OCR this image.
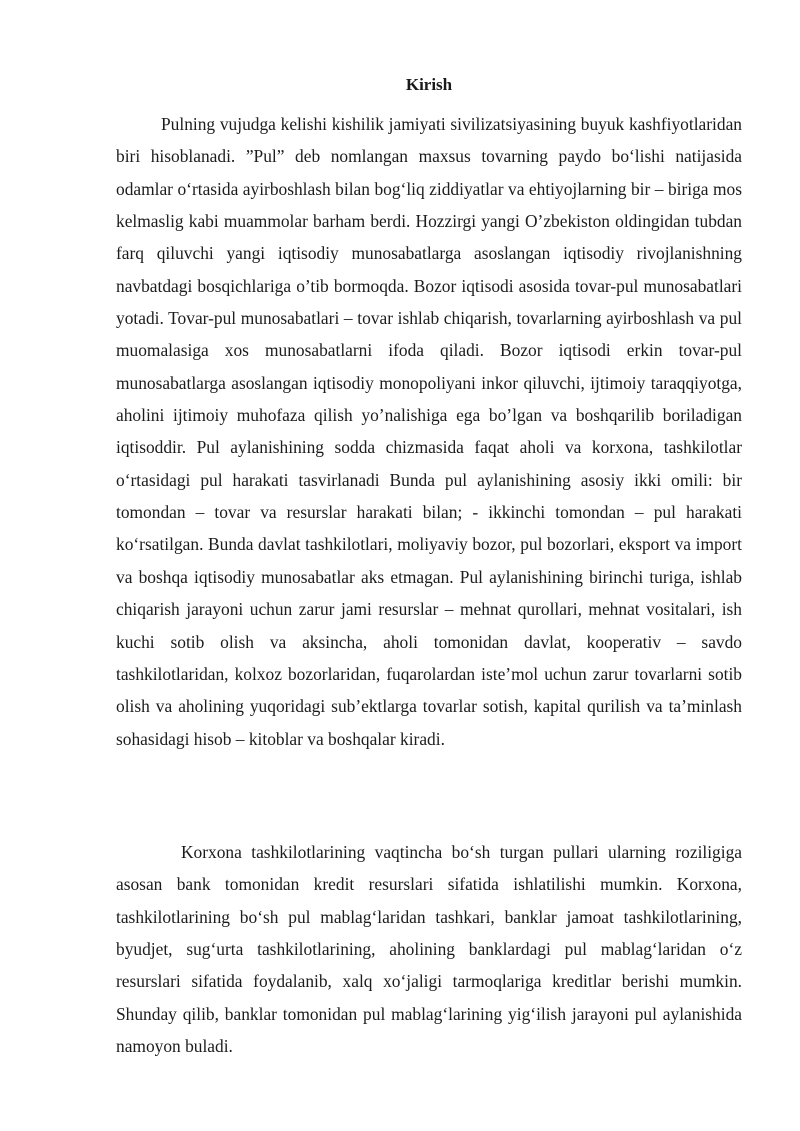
Kirish

Pulning vujudga kelishi kishilik jamiyati sivilizatsiyasining buyuk kashfiyotlaridan biri hisoblanadi. ”Pul” deb nomlangan maxsus tovarning paydo bo‘lishi natijasida odamlar o‘rtasida ayirboshlash bilan bog‘liq ziddiyatlar va ehtiyojlarning bir – biriga mos kelmaslig kabi muammolar barham berdi. Hozzirgi yangi O’zbekiston oldingidan tubdan farq qiluvchi yangi iqtisodiy munosabatlarga asoslangan iqtisodiy rivojlanishning navbatdagi bosqichlariga o’tib bormoqda. Bozor iqtisodi asosida tovar-pul munosabatlari yotadi. Tovar-pul munosabatlari – tovar ishlab chiqarish, tovarlarning ayirboshlash va pul muomalasiga xos munosabatlarni ifoda qiladi. Bozor iqtisodi erkin tovar-pul munosabatlarga asoslangan iqtisodiy monopoliyani inkor qiluvchi, ijtimoiy taraqqiyotga, aholini ijtimoiy muhofaza qilish yo’nalishiga ega bo’lgan va boshqarilib boriladigan iqtisoddir. Pul aylanishining sodda chizmasida faqat aholi va korxona, tashkilotlar o‘rtasidagi pul harakati tasvirlanadi Bunda pul aylanishining asosiy ikki omili: bir tomondan – tovar va resurslar harakati bilan; - ikkinchi tomondan – pul harakati ko‘rsatilgan. Bunda davlat tashkilotlari, moliyaviy bozor, pul bozorlari, eksport va import va boshqa iqtisodiy munosabatlar aks etmagan. Pul aylanishining birinchi turiga, ishlab chiqarish jarayoni uchun zarur jami resurslar – mehnat qurollari, mehnat vositalari, ish kuchi sotib olish va aksincha, aholi tomonidan davlat, kooperativ – savdo tashkilotlaridan, kolxoz bozorlaridan, fuqarolardan iste’mol uchun zarur tovarlarni sotib olish va aholining yuqoridagi sub’ektlarga tovarlar sotish, kapital qurilish va ta’minlash sohasidagi hisob – kitoblar va boshqalar kiradi.

Korxona tashkilotlarining vaqtincha bo‘sh turgan pullari ularning roziligiga asosan bank tomonidan kredit resurslari sifatida ishlatilishi mumkin. Korxona, tashkilotlarining bo‘sh pul mablag‘laridan tashkari, banklar jamoat tashkilotlarining, byudjet, sug‘urta tashkilotlarining, aholining banklardagi pul mablag‘laridan o‘z resurslari sifatida foydalanib, xalq xo‘jaligi tarmoqlariga kreditlar berishi mumkin. Shunday qilib, banklar tomonidan pul mablag‘larining yig‘ilish jarayoni pul aylanishida namoyon buladi.
